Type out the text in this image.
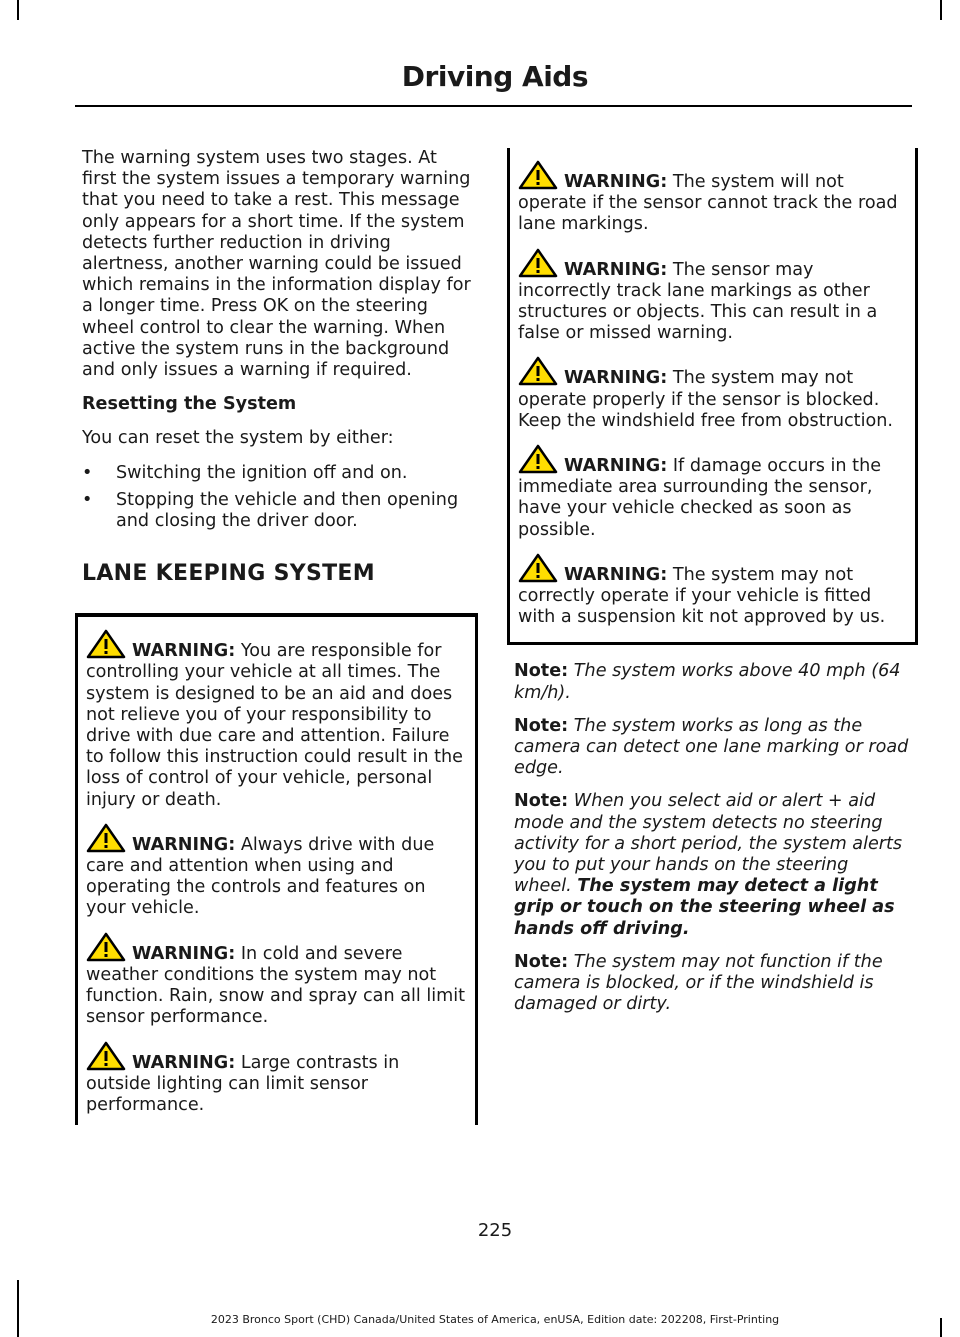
Driving Aids

The warning system uses two stages. At first the system issues a temporary warning that you need to take a rest. This message only appears for a short time. If the system detects further reduction in driving alertness, another warning could be issued which remains in the information display for a longer time. Press OK on the steering wheel control to clear the warning. When active the system runs in the background and only issues a warning if required.

Resetting the System

You can reset the system by either:

• Switching the ignition off and on.
• Stopping the vehicle and then opening and closing the driver door.
LANE KEEPING SYSTEM

WARNING: You are responsible for controlling your vehicle at all times. The system is designed to be an aid and does not relieve you of your responsibility to drive with due care and attention. Failure to follow this instruction could result in the loss of control of your vehicle, personal injury or death.

WARNING: Always drive with due care and attention when using and operating the controls and features on your vehicle.

WARNING: In cold and severe weather conditions the system may not function. Rain, snow and spray can all limit sensor performance.

WARNING: Large contrasts in outside lighting can limit sensor performance.

WARNING: The system will not operate if the sensor cannot track the road lane markings.

WARNING: The sensor may incorrectly track lane markings as other structures or objects. This can result in a false or missed warning.

WARNING: The system may not operate properly if the sensor is blocked. Keep the windshield free from obstruction.

WARNING: If damage occurs in the immediate area surrounding the sensor, have your vehicle checked as soon as possible.

WARNING: The system may not correctly operate if your vehicle is fitted with a suspension kit not approved by us.

Note: The system works above 40 mph (64 km/h).

Note: The system works as long as the camera can detect one lane marking or road edge.

Note: When you select aid or alert + aid mode and the system detects no steering activity for a short period, the system alerts you to put your hands on the steering wheel. The system may detect a light grip or touch on the steering wheel as hands off driving.

Note: The system may not function if the camera is blocked, or if the windshield is damaged or dirty.

225
2023 Bronco Sport (CHD) Canada/United States of America, enUSA, Edition date: 202208, First-Printing
